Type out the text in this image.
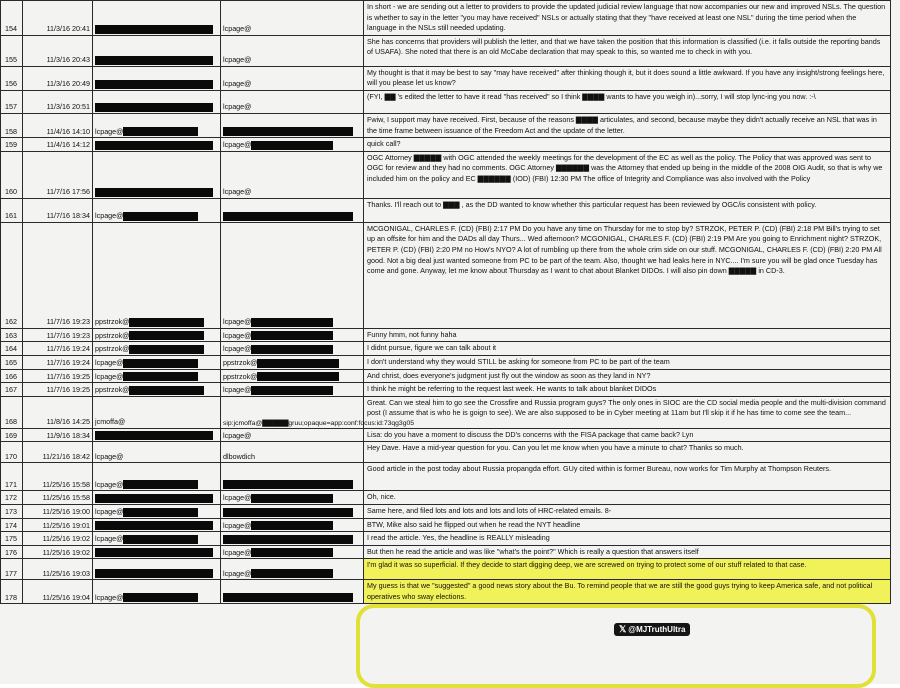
154	11/3/16 20:41		lcpage@	In short - we are sending out a letter to providers to provide the updated judicial review language that now accompanies our new and improved NSLs. The question is whether to say in the letter "you may have received" NSLs or actually stating that they "have received at least one NSL" during the time period when the language in the NSLs still needed updating.
155	11/3/16 20:43		lcpage@	She has concerns that providers will publish the letter, and that we have taken the position that this information is classified (i.e. it falls outside the reporting bands of USAFA). She noted that there is an old McCabe declaration that may speak to this, so wanted me to check in with you.
156	11/3/16 20:49		lcpage@	My thought is that it may be best to say "may have received" after thinking though it, but it does sound a little awkward. If you have any insight/strong feelings here, will you please let us know?
157	11/3/16 20:51		lcpage@	(FYI, ▇▇ 's edited the letter to have it read "has received" so I think ▇▇▇▇ wants to have you weigh in)...sorry, I will stop lync-ing you now. :-\
158	11/4/16 14:10	lcpage@		Fwiw, I support may have received. First, because of the reasons ▇▇▇▇ articulates, and second, because maybe they didn't actually receive an NSL that was in the time frame between issuance of the Freedom Act and the update of the letter.
159	11/4/16 14:12		lcpage@	quick call?
160	11/7/16 17:56		lcpage@	OGC Attorney ▇▇▇▇▇ with OGC attended the weekly meetings for the development of the EC as well as the policy. The Policy that was approved was sent to OGC for review and they had no comments. OGC Attorney ▇▇▇▇▇▇ was the Attorney that ended up being in the middle of the 2008 OIG Audit, so that is why we included him on the policy and EC ▇▇▇▇▇▇ (IOD) (FBI) 12:30 PM The office of Integrity and Compliance was also involved with the Policy
161	11/7/16 18:34	lcpage@		Thanks. I'll reach out to ▇▇▇ , as the DD wanted to know whether this particular request has been reviewed by OGC/is consistent with policy.
162	11/7/16 19:23	ppstrzok@	lcpage@	MCGONIGAL, CHARLES F. (CD) (FBI) 2:17 PM Do you have any time on Thursday for me to stop by? STRZOK, PETER P. (CD) (FBI) 2:18 PM Bill's trying to set up an offsite for him and the DADs all day Thurs... Wed afternoon? MCGONIGAL, CHARLES F. (CD) (FBI) 2:19 PM Are you going to Enrichment night? STRZOK, PETER P. (CD) (FBI) 2:20 PM no How's NYO? A lot of rumbling up there from the whole crim side on our stuff. MCGONIGAL, CHARLES F. (CD) (FBI) 2:20 PM All good. Not a big deal just wanted someone from PC to be part of the team. Also, thought we had leaks here in NYC.... I'm sure you will be glad once Tuesday has come and gone. Anyway, let me know about Thursday as I want to chat about Blanket DIDOs. I will also pin down ▇▇▇▇▇ in CD-3.
163	11/7/16 19:23	ppstrzok@	lcpage@	Funny hmm, not funny haha
164	11/7/16 19:24	ppstrzok@	lcpage@	I didnt pursue, figure we can talk about it
165	11/7/16 19:24	lcpage@	ppstrzok@	I don't understand why they would STILL be asking for someone from PC to be part of the team
166	11/7/16 19:25	lcpage@	ppstrzok@	And christ, does everyone's judgment just fly out the window as soon as they land in NY?
167	11/7/16 19:25	ppstrzok@	lcpage@	I think he might be referring to the request last week. He wants to talk about blanket DIDOs
168	11/8/16 14:25	jcmoffa@	sip:jcmoffa@▇▇▇▇▇gruu;opaque=app:conf:focus:id:73qg3g05	Great. Can we steal him to go see the Crossfire and Russia program guys? The only ones in SIOC are the CD social media people and the multi-division command post (I assume that is who he is goign to see). We are also supposed to be in Cyber meeting at 11am but I'll skip it if he has time to come see the team...
169	11/9/16 18:34		lcpage@	Lisa: do you have a moment to discuss the DD's concerns with the FISA package that came back? Lyn
170	11/21/16 18:42	lcpage@	dlbowdich	Hey Dave. Have a mid-year question for you. Can you let me know when you have a minute to chat? Thanks so much.
171	11/25/16 15:58	lcpage@		Good article in the post today about Russia propangda effort. GUy cited within is former Bureau, now works for Tim Murphy at Thompson Reuters.
172	11/25/16 15:58		lcpage@	Oh, nice.
173	11/25/16 19:00	lcpage@		Same here, and filed lots and lots and lots and lots of HRC-related emails. 8-
174	11/25/16 19:01		lcpage@	BTW, Mike also said he flipped out when he read the NYT headline
175	11/25/16 19:02	lcpage@		I read the article. Yes, the headline is REALLY misleading
176	11/25/16 19:02		lcpage@	But then he read the article and was like "what's the point?" Which is really a question that answers itself
177	11/25/16 19:03		lcpage@	I'm glad it was so superficial. If they decide to start digging deep, we are screwed on trying to protect some of our stuff related to that case.
178	11/25/16 19:04	lcpage@		My guess is that we "suggested" a good news story about the Bu. To remind people that we are still the good guys trying to keep America safe, and not political operatives who sway elections.
𝕏 @MJTruthUltra
